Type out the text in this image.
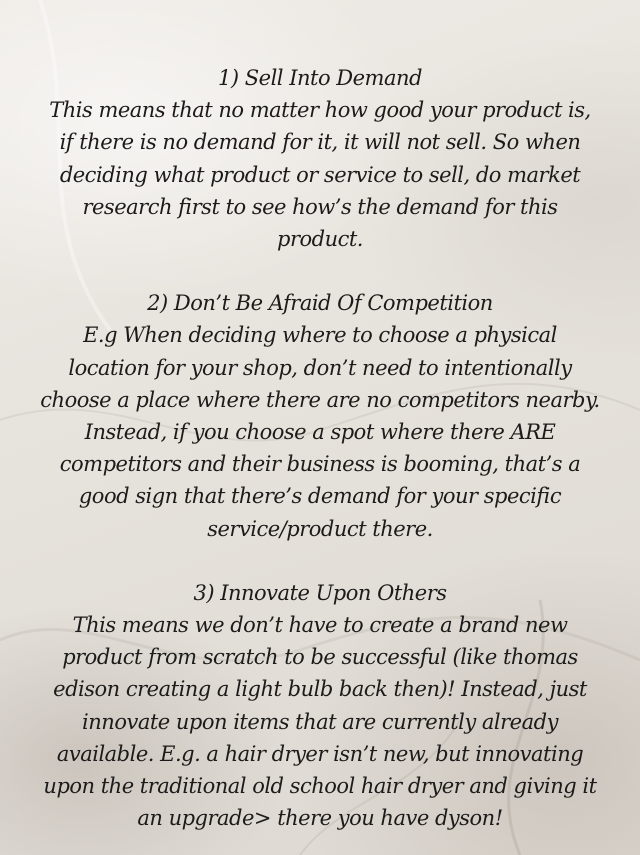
1) Sell Into Demand
This means that no matter how good your product is, if there is no demand for it, it will not sell. So when deciding what product or service to sell, do market research first to see how’s the demand for this product.
2) Don’t Be Afraid Of Competition
E.g When deciding where to choose a physical location for your shop, don’t need to intentionally choose a place where there are no competitors nearby. Instead, if you choose a spot where there ARE competitors and their business is booming, that’s a good sign that there’s demand for your specific service/product there.
3) Innovate Upon Others
This means we don’t have to create a brand new product from scratch to be successful (like thomas edison creating a light bulb back then)! Instead, just innovate upon items that are currently already available. E.g. a hair dryer isn’t new, but innovating upon the traditional old school hair dryer and giving it an upgrade> there you have dyson!
